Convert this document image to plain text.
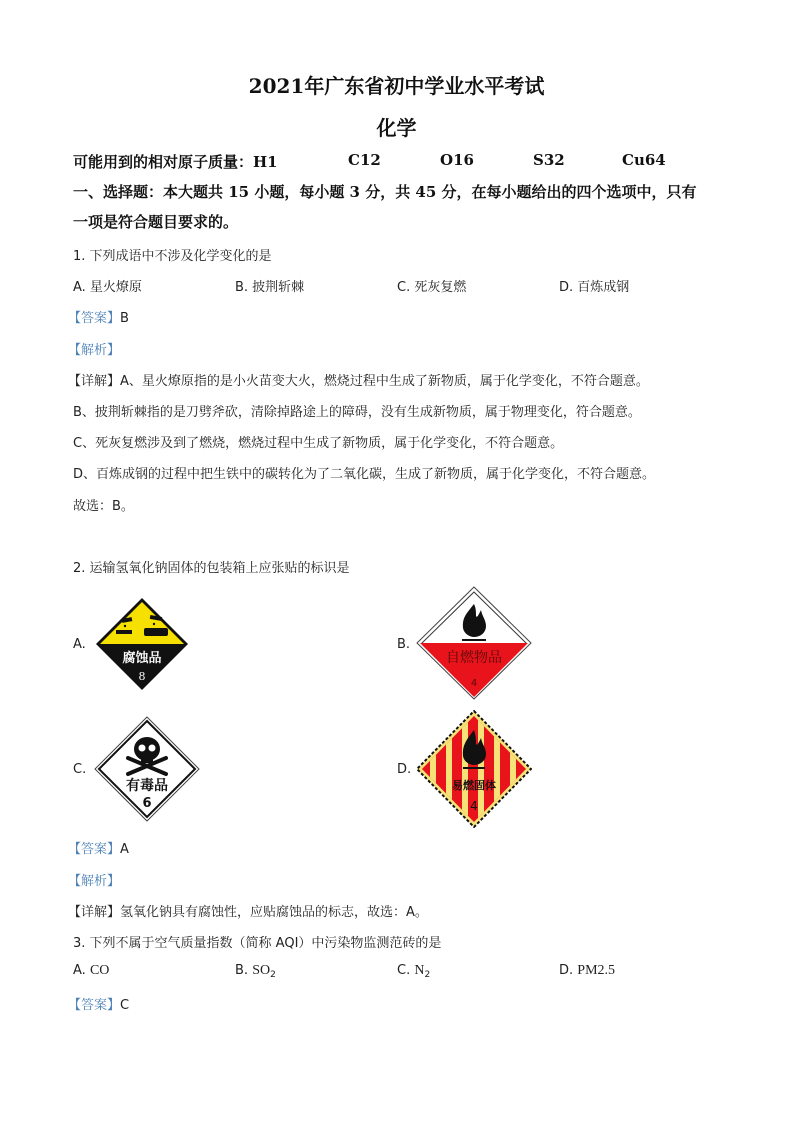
2021年广东省初中学业水平考试
化学
可能用到的相对原子质量：H1	C12	O16	S32	Cu64
一、选择题：本大题共 15 小题，每小题 3 分，共 45 分，在每小题给出的四个选项中，只有
一项是符合题目要求的。
1. 下列成语中不涉及化学变化的是
A. 星火燎原	B. 披荆斩棘	C. 死灰复燃	D. 百炼成钢
【答案】B
【解析】
【详解】A、星火燎原指的是小火苗变大火，燃烧过程中生成了新物质，属于化学变化，不符合题意。
B、披荆斩棘指的是刀劈斧砍，清除掉路途上的障碍，没有生成新物质，属于物理变化，符合题意。
C、死灰复燃涉及到了燃烧，燃烧过程中生成了新物质，属于化学变化，不符合题意。
D、百炼成钢的过程中把生铁中的碳转化为了二氧化碳，生成了新物质，属于化学变化，不符合题意。
故选：B。
2. 运输氢氧化钠固体的包装箱上应张贴的标识是
A.	B.
C.	D.
腐蚀品
8
自燃物品
4
有毒品
6
易燃固体
4
【答案】A
【解析】
【详解】氢氧化钠具有腐蚀性，应贴腐蚀品的标志，故选：A。
3. 下列不属于空气质量指数（简称 AQI）中污染物监测范砖的是
A. CO	B. $SO_2$	C. $N_2$	D. PM2.5
【答案】C
